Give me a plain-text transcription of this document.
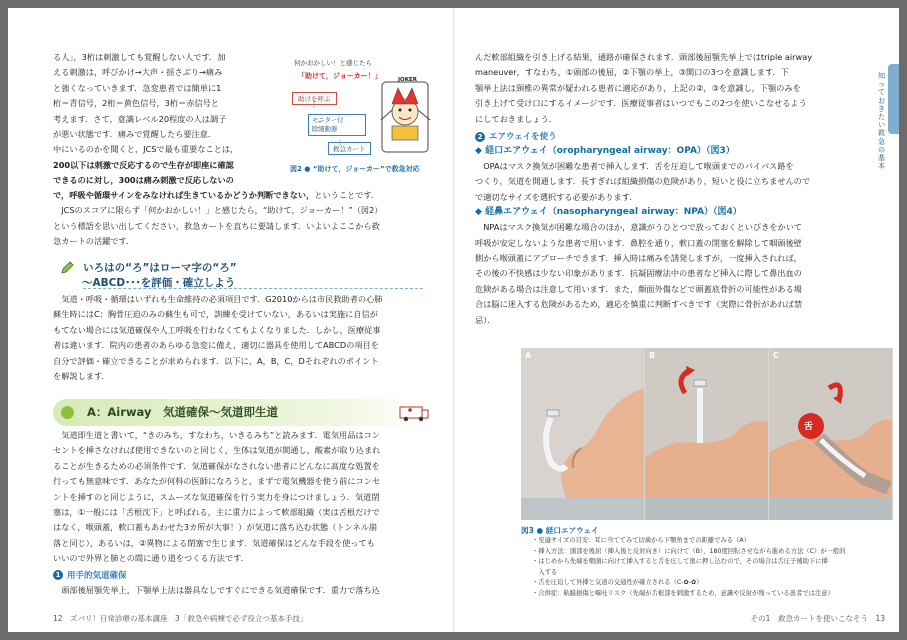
る人」，3桁は刺激しても覚醒しない人です．加
える刺激は，呼びかけ→大声・揺さぶり→痛み
と強くなっていきます．急変患者では簡単に1
桁＝青信号，2桁＝黄色信号，3桁＝赤信号と
考えます．さて，意識レベル20程度の人は調子
が悪い状態です．痛みで覚醒したら要注意．
中にいるのかを聞くと，JCSで最も重要なことは，
200以下は刺激で反応するので生存が即座に確認
できるのに対し，300は痛み刺激で反応しないの
で，呼吸や循環サインをみなければ生きているかどうか判断できない，ということです．
JCSのスコアに限らず「何かおかしい！」と感じたら，“助けて，ジョーカー！”（図2）
という標語を思い出してください，救急カートを直ちに要請します．いよいよここから救
急カートの活躍です．
何かおかしい！と感じたら
「助けて，ジョーカー！」
助けを呼ぶ
モニター付
除細動器
救急カート
JOKER
図2 ● “助けて，ジョーカー”で救急対応
いろはの“ろ”はローマ字の“ろ”
〜ABCD･･･を評価・確立しよう
気道・呼吸・循環はいずれも生命維持の必須項目です．G2010からは市民救助者の心肺
蘇生時にはC：胸骨圧迫のみの蘇生も可で，訓練を受けていない，あるいは実施に自信が
もてない場合には気道確保や人工呼吸を行わなくてもよくなりました．しかし，医療従事
者は違います．院内の患者のあらゆる急変に備え，適切に器具を使用してABCDの項目を
自分で評価・確立できることが求められます．以下に，A，B，C，Dそれぞれのポイント
を解説します．
A：Airway　気道確保〜気道即生道
気道即生道と書いて，“きのみち，すなわち，いきるみち”と読みます．電気用品はコン
セントを挿さなければ使用できないのと同じく，生体は気道が開通し，酸素が取り込まれ
ることが生きるための必須条件です．気道確保がなされない患者にどんなに高度な処置を
行っても無意味です．あなたが何科の医師になろうと，まずで電気機器を使う前にコンセ
ントを挿すのと同じように，スムーズな気道確保を行う実力を身につけましょう．気道閉
塞は，①一般には「舌根沈下」と呼ばれる，主に重力によって軟部組織（実は舌根だけで
はなく，喉頭蓋，軟口蓋もあわせた3カ所が大事！）が気道に落ち込む状態（トンネル崩
落と同じ），あるいは，②異物による閉塞で生じます．気道確保はどんな手段を使っても
いいので外界と肺との間に通り道をつくる方法です．
1 用手的気道確保
頭部後屈顎先挙上，下顎挙上法は器具なしですぐにできる気道確保です．重力で落ち込
12　ズバリ！日常診療の基本講座　3「救急や病棟で必ず役立つ基本手技」
んだ軟部組織を引き上げる結果，通路が確保されます．頭部後屈顎先挙上ではtriple airway
maneuver，すなわち，①頭部の後屈，②下顎の挙上，③開口の3つを意識します．下
顎挙上法は頸椎の異常が疑われる患者に適応があり，上記の②，③を意識し，下顎のみを
引き上げて受け口にするイメージです．医療従事者はいつでもこの2つを使いこなせるよう
にしておきましょう．
2 エアウェイを使う
◆ 経口エアウェイ（oropharyngeal airway：OPA）（図3）
OPAはマスク換気が困難な患者で挿入します．舌を圧迫して喉頭までのバイパス路を
つくり，気道を開通します．長すぎれば組織損傷の危険があり，短いと役に立ちませんので
で適切なサイズを選択する必要があります．
◆ 経鼻エアウェイ（nasopharyngeal airway：NPA）（図4）
NPAはマスク換気が困難な場合のほか，意識がうひとつで放っておくといびきをかいて
呼吸が安定しないような患者で用います．鼻腔を通り，軟口蓋の閉塞を解除して咽頭後壁
側から喉頭蓋にアプローチできます．挿入時は痛みを誘発しますが，一度挿入されれば，
その後の不快感は少ない印象があります．抗凝固療法中の患者など挿入に際して鼻出血の
危険がある場合は注意して用います．また，顔面外傷などで頭蓋底骨折の可能性がある場
合は脳に迷入する危険があるため，適応を慎重に判断すべきです（実際に骨折があれば禁
忌）．
A	B	C
舌
図3 ● 経口エアウェイ
・至適サイズの目安：耳に当ててみて切歯から下顎角までの距離でみる（A）
・挿入方法：頭部を後屈（挿入後と反対向き）に向けて（B），180度回転させながら進める方法（C）が一般的
・はじめから先端を咽頭に向けて挿入すると舌を圧して奥に押し込むので，その場合は舌圧子補助下に挿
　入する
・舌を圧迫して外挿と気道の交通性が確立される（C-✿-✿）
・合併症：粘膜損傷と嘔吐リスク（先端が舌根部を刺激するため，意識や反射が残っている患者では注意）
その1　救急カートを使いこなそう　13
知っておきたい救急の基本
